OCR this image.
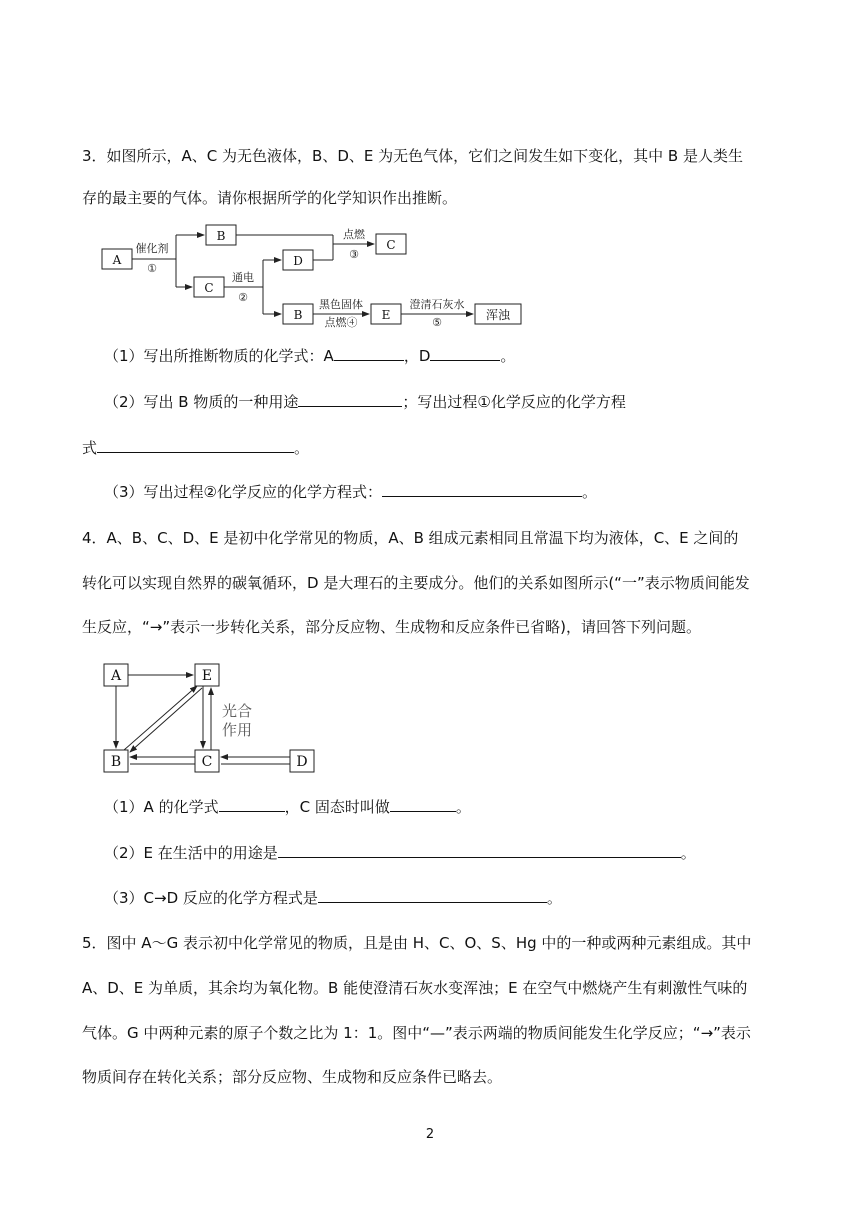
3．如图所示，A、C 为无色液体，B、D、E 为无色气体，它们之间发生如下变化，其中 B 是人类生
存的最主要的气体。请你根据所学的化学知识作出推断。
A
B
C
D
C
B	E	浑浊
催化剂
①
通电
②
点燃
③
黑色固体
点燃④
澄清石灰水
⑤
（1）写出所推断物质的化学式：A	，D	。
（2）写出 B 物质的一种用途	；写出过程①化学反应的化学方程
式	。
（3）写出过程②化学反应的化学方程式：	。
4．A、B、C、D、E 是初中化学常见的物质，A、B 组成元素相同且常温下均为液体，C、E 之间的
转化可以实现自然界的碳氧循环，D 是大理石的主要成分。他们的关系如图所示(“一”表示物质间能发
生反应，“→”表示一步转化关系，部分反应物、生成物和反应条件已省略)，请回答下列问题。
A	E
B	C	D
光合
作用
（1）A 的化学式	，C 固态时叫做	。
（2）E 在生活中的用途是	。
（3）C→D 反应的化学方程式是	。
5．图中 A～G 表示初中化学常见的物质，且是由 H、C、O、S、Hg 中的一种或两种元素组成。其中
A、D、E 为单质，其余均为氧化物。B 能使澄清石灰水变浑浊；E 在空气中燃烧产生有刺激性气味的
气体。G 中两种元素的原子个数之比为 1：1。图中“—”表示两端的物质间能发生化学反应；“→”表示
物质间存在转化关系；部分反应物、生成物和反应条件已略去。
2
